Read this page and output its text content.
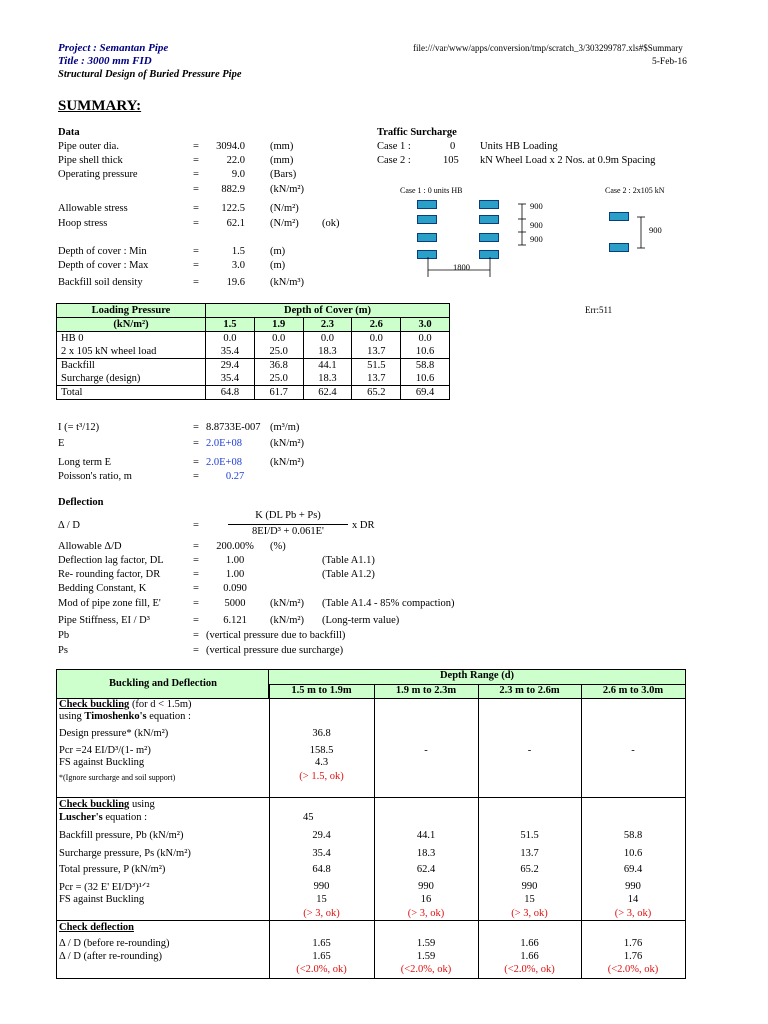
Project : Semantan Pipe
Title : 3000 mm FID
Structural Design of Buried Pressure Pipe
file:///var/www/apps/conversion/tmp/scratch_3/303299787.xls#$Summary
5-Feb-16
SUMMARY:
Data
Pipe outer dia.	=	3094.0 (mm)
Pipe shell thick	=	22.0 (mm)
Operating pressure	=	9.0 (Bars)
=	882.9 (kN/m²)
Allowable stress	=	122.5 (N/m²)
Hoop stress	=	62.1 (N/m²) (ok)
Depth of cover : Min	=	1.5 (m)
Depth of cover : Max	=	3.0 (m)
Backfill soil density	=	19.6 (kN/m³)
Traffic Surcharge
Case 1 :	0 Units HB Loading
Case 2 :	105 kN Wheel Load x 2 Nos. at 0.9m Spacing
Case 1 : 0 units HB	Case 2 : 2x105 kN
900
900
900
1800
900
Err:511
Loading Pressure	Depth of Cover (m)				
(kN/m²)	1.5	1.9	2.3	2.6	3.0
HB 0	0.0	0.0	0.0	0.0	0.0
2 x 105 kN wheel load	35.4	25.0	18.3	13.7	10.6
Backfill	29.4	36.8	44.1	51.5	58.8
Surcharge (design)	35.4	25.0	18.3	13.7	10.6
Total	64.8	61.7	62.4	65.2	69.4
I (= t³/12)	= 8.8733E-007 (m³/m)
E	= 2.0E+08	(kN/m²)
Long term E	= 2.0E+08	(kN/m²)
Poisson's ratio, m	=	0.27
Deflection
Δ / D	=
K (DL Pb + Ps)
8EI/D³ + 0.061E'
x DR
Allowable Δ/D	=	200.00%	(%)
Deflection lag factor, DL	=	1.00	(Table A1.1)
Re- rounding factor, DR	=	1.00	(Table A1.2)
Bedding Constant, K	=	0.090
Mod of pipe zone fill, E'	=	5000	(kN/m²) (Table A1.4 - 85% compaction)
Pipe Stiffness, EI / D³	=	6.121	(kN/m²) (Long-term value)
Pb	= (vertical pressure due to backfill)
Ps	= (vertical pressure due surcharge)
Buckling and Deflection
Depth Range (d)
1.5 m to 1.9m	1.9 m to 2.3m	2.3 m to 2.6m	2.6 m to 3.0m
Check buckling (for d < 1.5m)
using Timoshenko's equation :
Design pressure* (kN/m²)	36.8
Pcr =24 EI/D³/(1- m²)	158.5	-	-	-
FS against Buckling	4.3
(> 1.5, ok)
*(Ignore surcharge and soil support)
Check buckling using
Luscher's equation :	45
Backfill pressure, Pb (kN/m²)	29.4	44.1	51.5	58.8
Surcharge pressure, Ps (kN/m²)	35.4	18.3	13.7	10.6
Total pressure, P (kN/m²)	64.8	62.4	65.2	69.4
Pcr = (32 E' EI/D³)¹ᐟ²	990	990	990	990
FS against Buckling	15	16	15	14
(> 3, ok)	(> 3, ok)	(> 3, ok)	(> 3, ok)
Check deflection
Δ / D (before re-rounding)	1.65	1.59	1.66	1.76
Δ / D (after re-rounding)	1.65	1.59	1.66	1.76
(<2.0%, ok)	(<2.0%, ok)	(<2.0%, ok)	(<2.0%, ok)
